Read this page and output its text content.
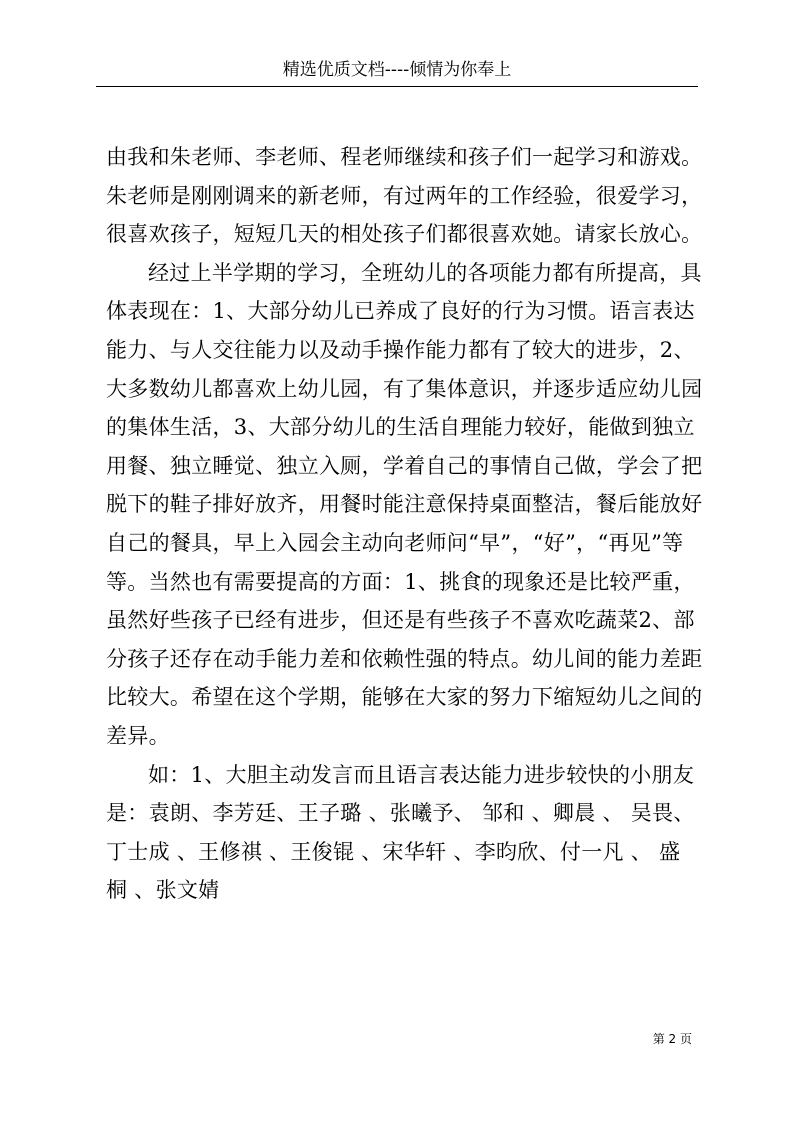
精选优质文档----倾情为你奉上

由我和朱老师、李老师、程老师继续和孩子们一起学习和游戏。
朱老师是刚刚调来的新老师，有过两年的工作经验，很爱学习，
很喜欢孩子，短短几天的相处孩子们都很喜欢她。请家长放心。

经过上半学期的学习，全班幼儿的各项能力都有所提高，具
体表现在：1、大部分幼儿已养成了良好的行为习惯。语言表达
能力、与人交往能力以及动手操作能力都有了较大的进步，2、
大多数幼儿都喜欢上幼儿园，有了集体意识，并逐步适应幼儿园
的集体生活，3、大部分幼儿的生活自理能力较好，能做到独立
用餐、独立睡觉、独立入厕，学着自己的事情自己做，学会了把
脱下的鞋子排好放齐，用餐时能注意保持桌面整洁，餐后能放好
自己的餐具，早上入园会主动向老师问“早”，“好”，“再见”等
等。当然也有需要提高的方面：1、挑食的现象还是比较严重，
虽然好些孩子已经有进步，但还是有些孩子不喜欢吃蔬菜2、部
分孩子还存在动手能力差和依赖性强的特点。幼儿间的能力差距
比较大。希望在这个学期，能够在大家的努力下缩短幼儿之间的
差异。

如：1、大胆主动发言而且语言表达能力进步较快的小朋友
是：袁朗、李芳廷、王子璐 、张曦予、 邹和 、卿晨 、 吴畏、
丁士成 、王修祺 、王俊锟 、宋华轩 、李昀欣、付一凡 、 盛
桐 、张文婧

第 2 页
